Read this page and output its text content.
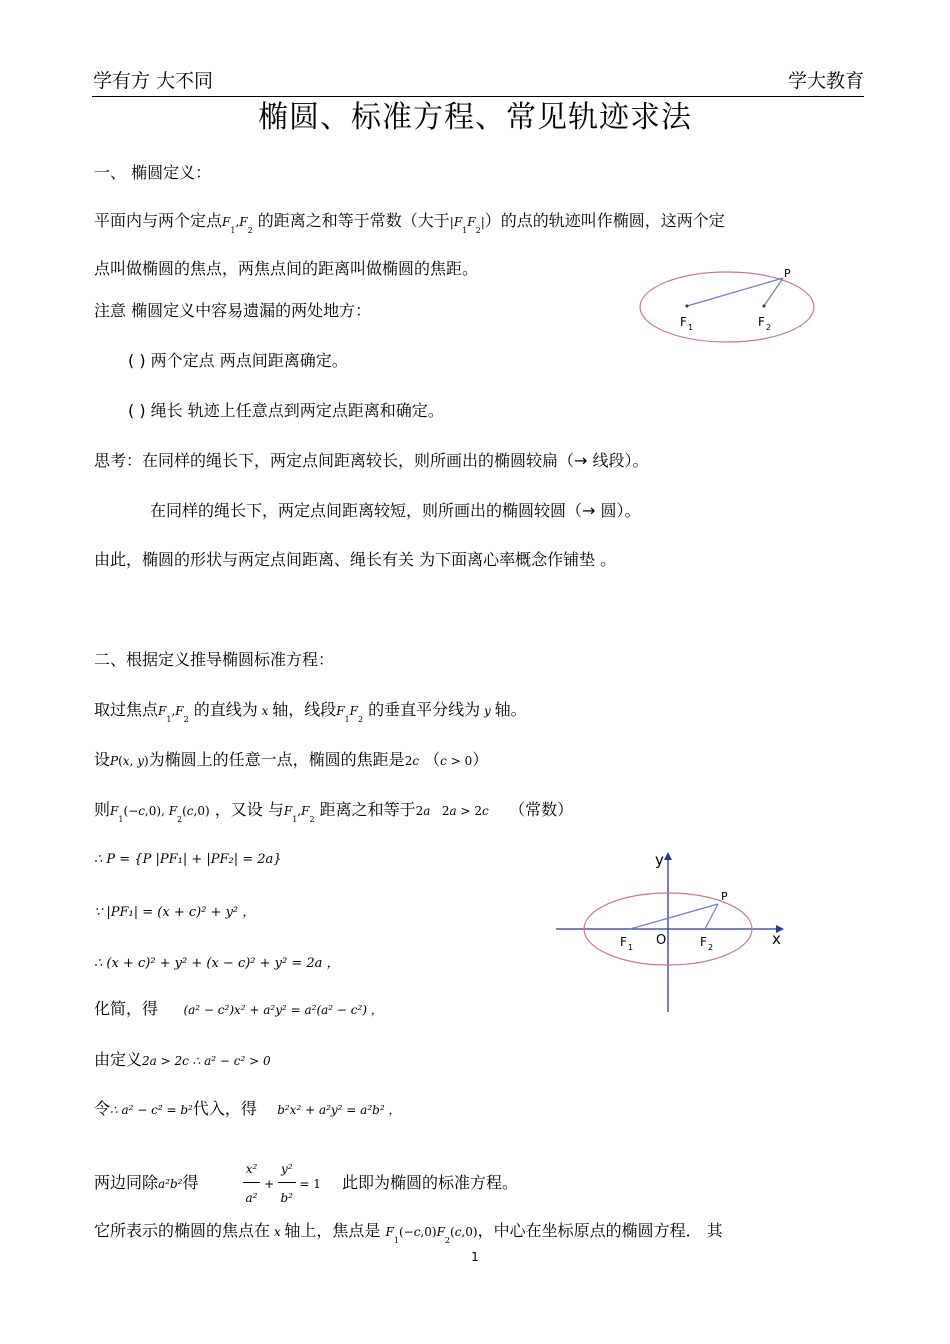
学有方 大不同	学大教育
椭圆、标准方程、常见轨迹求法
一、 椭圆定义：
平面内与两个定点$F_1,F_2$ 的距离之和等于常数（大于$|F_1F_2|$）的点的轨迹叫作椭圆，这两个定
点叫做椭圆的焦点，两焦点间的距离叫做椭圆的焦距。
注意 椭圆定义中容易遗漏的两处地方：
( ) 两个定点 两点间距离确定。
( ) 绳长 轨迹上任意点到两定点距离和确定。
思考：在同样的绳长下，两定点间距离较长，则所画出的椭圆较扁（→ 线段）。
在同样的绳长下，两定点间距离较短，则所画出的椭圆较圆（→ 圆）。
由此，椭圆的形状与两定点间距离、绳长有关 为下面离心率概念作铺垫 。
P
F 1	F 2
二、根据定义推导椭圆标准方程：
取过焦点$F_1,F_2$ 的直线为 x 轴，线段$F_1F_2$ 的垂直平分线为 y 轴。
设P(x, y)为椭圆上的任意一点，椭圆的焦距是2c （c > 0）
则$F_1(-c,0)$, $F_2(c,0)$ ，又设 与$F_1,F_2$ 距离之和等于2a   2a > 2c （常数）
∴ P = {P |PF₁| + |PF₂| = 2a}
∵ |PF₁| = (x + c)² + y² ，
∴ (x + c)² + y² + (x − c)² + y² = 2a ，
化简，得 (a² − c²)x² + a²y² = a²(a² − c²) ，
由定义2a > 2c ∴ a² − c² > 0
令∴ a² − c² = b²代入，得 b²x² + a²y² = a²b² ，
两边同除a²b²得	$\frac{\text{x²}}{\text{a²}} + \frac{\text{y²}}{\text{b²}} = 1$ 此即为椭圆的标准方程。
它所表示的椭圆的焦点在 x 轴上，焦点是 $F_1(-c,0)F_2(c,0)$，中心在坐标原点的椭圆方程． 其
y
x
O
P
F 1	F 2
1
